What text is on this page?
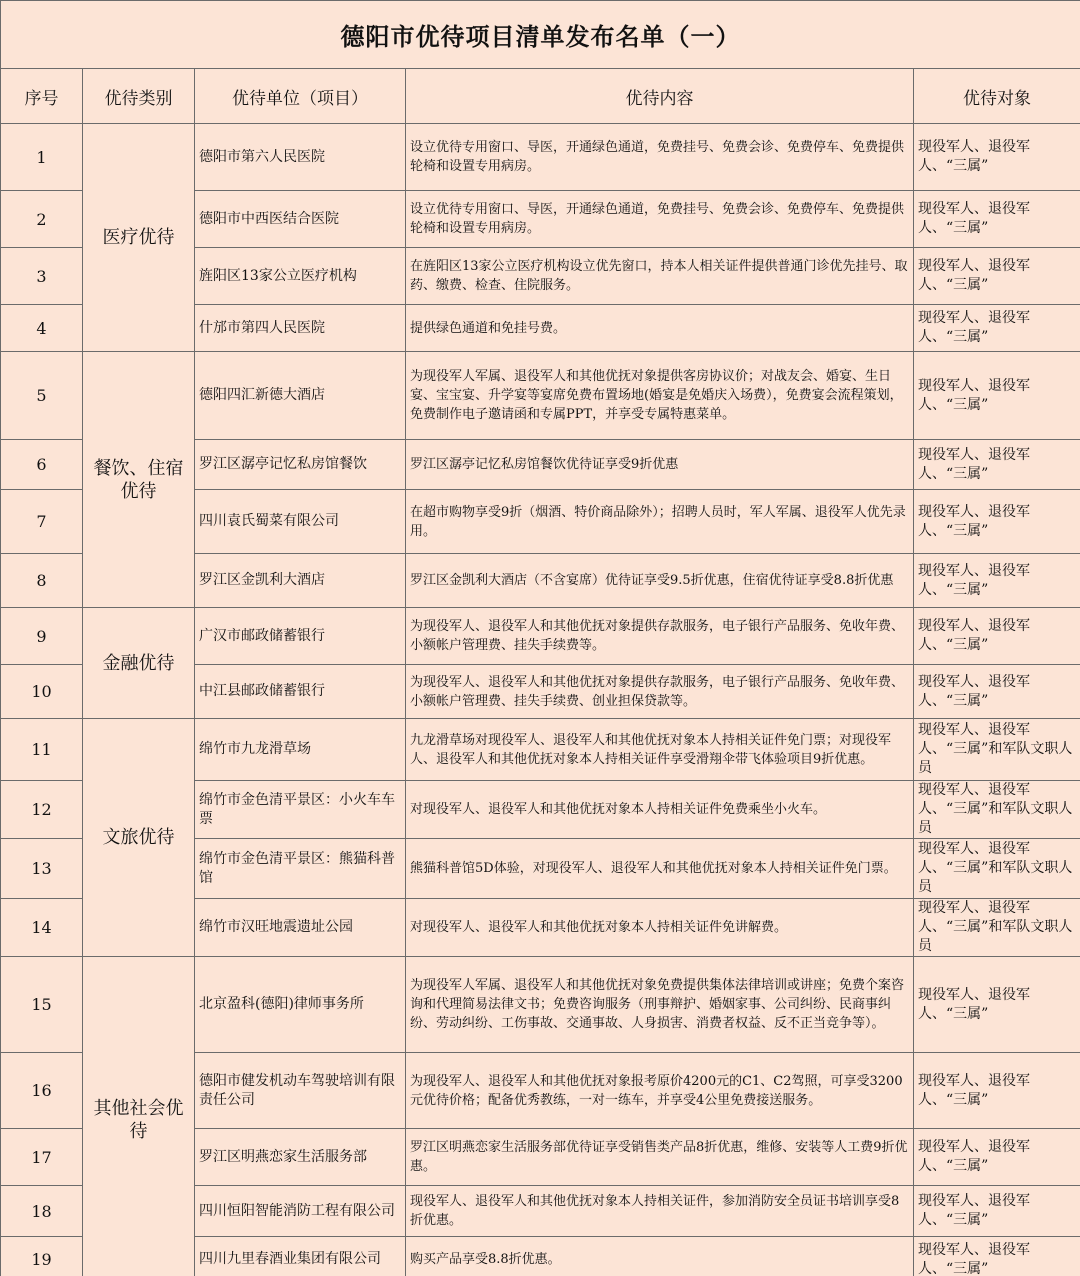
德阳市优待项目清单发布名单（一）				
序号	优待类别	优待单位（项目）	优待内容	优待对象
1	医疗优待	德阳市第六人民医院	设立优待专用窗口、导医，开通绿色通道，免费挂号、免费会诊、免费停车、免费提供轮椅和设置专用病房。	现役军人、退役军人、“三属”
2		德阳市中西医结合医院	设立优待专用窗口、导医，开通绿色通道，免费挂号、免费会诊、免费停车、免费提供轮椅和设置专用病房。	现役军人、退役军人、“三属”
3		旌阳区13家公立医疗机构	在旌阳区13家公立医疗机构设立优先窗口，持本人相关证件提供普通门诊优先挂号、取药、缴费、检查、住院服务。	现役军人、退役军人、“三属”
4		什邡市第四人民医院	提供绿色通道和免挂号费。	现役军人、退役军人、“三属”
5	餐饮、住宿优待	德阳四汇新德大酒店	为现役军人军属、退役军人和其他优抚对象提供客房协议价；对战友会、婚宴、生日宴、宝宝宴、升学宴等宴席免费布置场地(婚宴是免婚庆入场费），免费宴会流程策划，免费制作电子邀请函和专属PPT，并享受专属特惠菜单。	现役军人、退役军人、“三属”
6		罗江区潺亭记忆私房馆餐饮	罗江区潺亭记忆私房馆餐饮优待证享受9折优惠	现役军人、退役军人、“三属”
7		四川袁氏蜀菜有限公司	在超市购物享受9折（烟酒、特价商品除外）；招聘人员时，军人军属、退役军人优先录用。	现役军人、退役军人、“三属”
8		罗江区金凯利大酒店	罗江区金凯利大酒店（不含宴席）优待证享受9.5折优惠，住宿优待证享受8.8折优惠	现役军人、退役军人、“三属”
9	金融优待	广汉市邮政储蓄银行	为现役军人、退役军人和其他优抚对象提供存款服务，电子银行产品服务、免收年费、小额帐户管理费、挂失手续费等。	现役军人、退役军人、“三属”
10		中江县邮政储蓄银行	为现役军人、退役军人和其他优抚对象提供存款服务，电子银行产品服务、免收年费、小额帐户管理费、挂失手续费、创业担保贷款等。	现役军人、退役军人、“三属”
11	文旅优待	绵竹市九龙滑草场	九龙滑草场对现役军人、退役军人和其他优抚对象本人持相关证件免门票；对现役军人、退役军人和其他优抚对象本人持相关证件享受滑翔伞带飞体验项目9折优惠。	现役军人、退役军人、“三属”和军队文职人员
12		绵竹市金色清平景区：小火车车票	对现役军人、退役军人和其他优抚对象本人持相关证件免费乘坐小火车。	现役军人、退役军人、“三属”和军队文职人员
13		绵竹市金色清平景区：熊猫科普馆	熊猫科普馆5D体验，对现役军人、退役军人和其他优抚对象本人持相关证件免门票。	现役军人、退役军人、“三属”和军队文职人员
14		绵竹市汉旺地震遗址公园	对现役军人、退役军人和其他优抚对象本人持相关证件免讲解费。	现役军人、退役军人、“三属”和军队文职人员
15	其他社会优待	北京盈科(德阳)律师事务所	为现役军人军属、退役军人和其他优抚对象免费提供集体法律培训或讲座；免费个案咨询和代理简易法律文书；免费咨询服务（刑事辩护、婚姻家事、公司纠纷、民商事纠纷、劳动纠纷、工伤事故、交通事故、人身损害、消费者权益、反不正当竞争等）。	现役军人、退役军人、“三属”
16		德阳市健发机动车驾驶培训有限责任公司	为现役军人、退役军人和其他优抚对象报考原价4200元的C1、C2驾照，可享受3200元优待价格；配备优秀教练，一对一练车，并享受4公里免费接送服务。	现役军人、退役军人、“三属”
17		罗江区明燕恋家生活服务部	罗江区明燕恋家生活服务部优待证享受销售类产品8折优惠，维修、安装等人工费9折优惠。	现役军人、退役军人、“三属”
18		四川恒阳智能消防工程有限公司	现役军人、退役军人和其他优抚对象本人持相关证件，参加消防安全员证书培训享受8折优惠。	现役军人、退役军人、“三属”
19		四川九里春酒业集团有限公司	购买产品享受8.8折优惠。	现役军人、退役军人、“三属”
